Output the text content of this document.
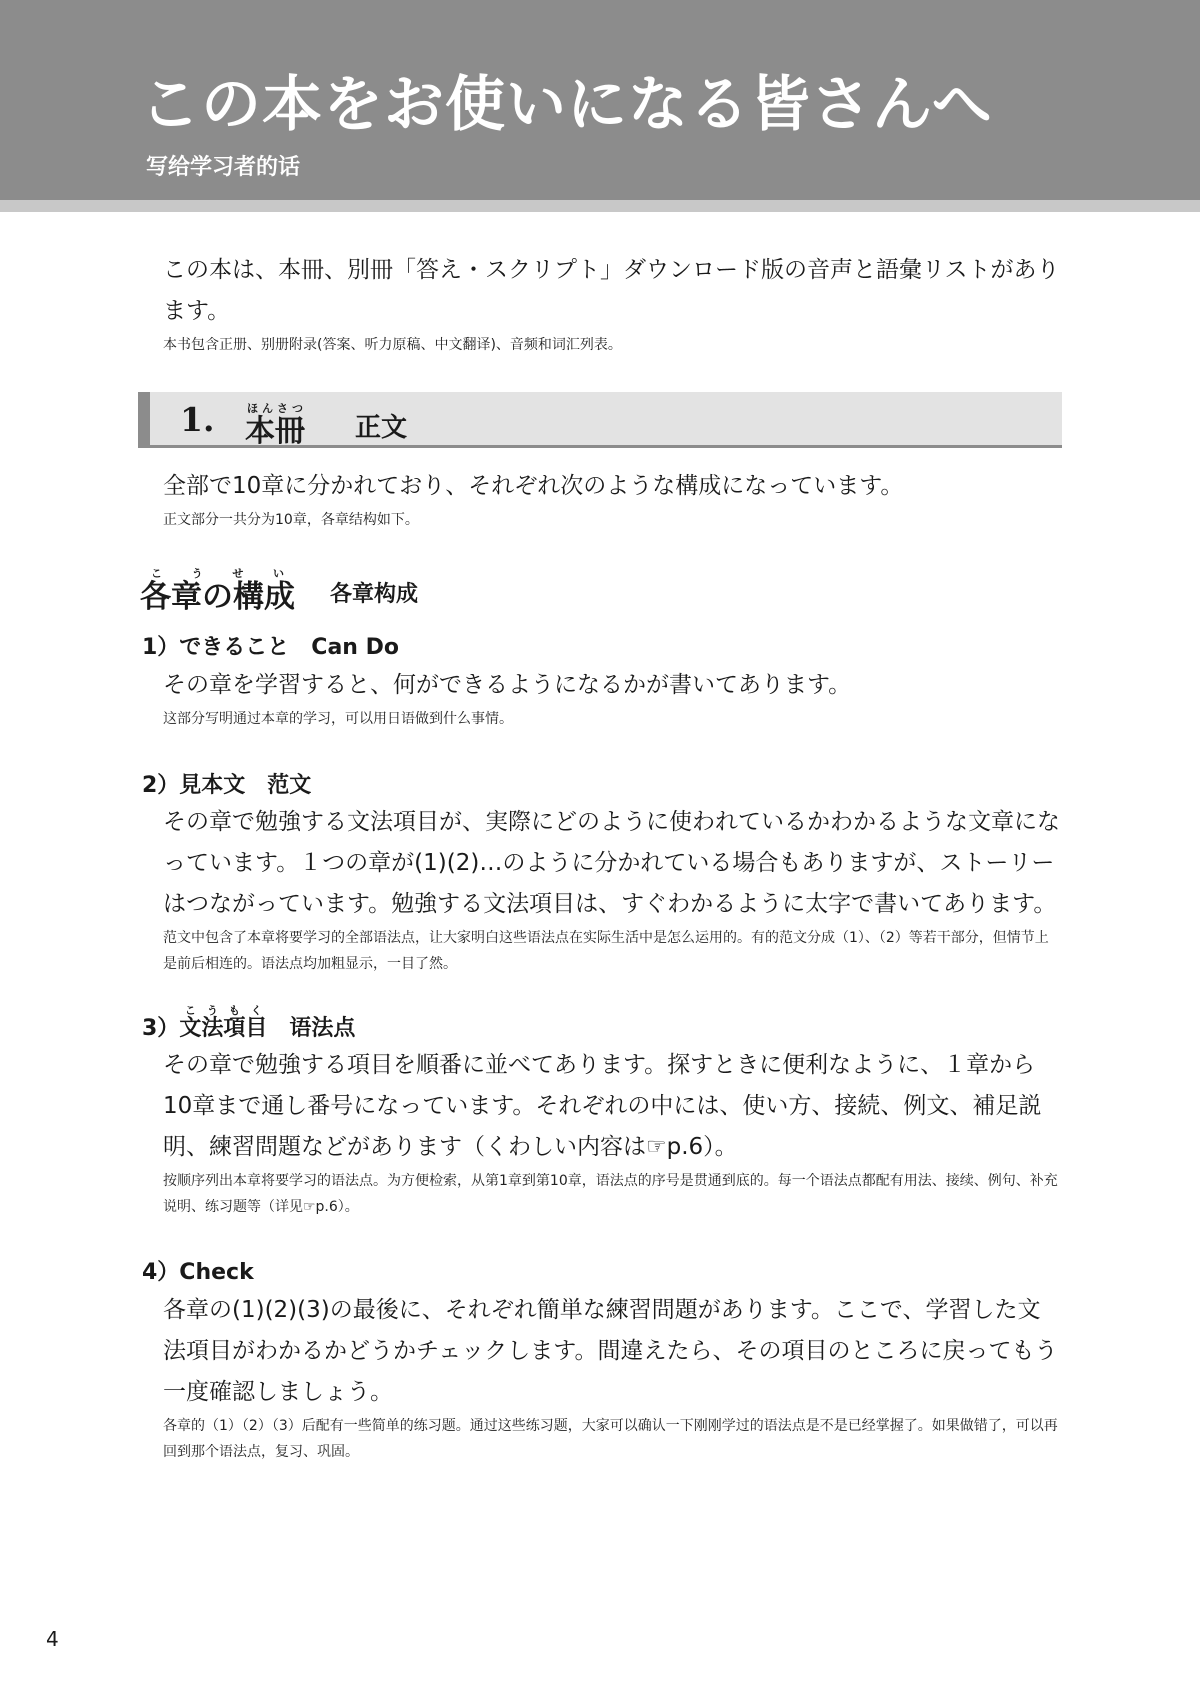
この本をお使いになる皆さんへ
写给学习者的话
この本は、本冊、別冊「答え・スクリプト」ダウンロード版の音声と語彙リストがあります。
本书包含正册、别册附录(答案、听力原稿、中文翻译)、音频和词汇列表。
1. 本冊ほんさつ
正文
全部で10章に分かれており、それぞれ次のような構成になっています。
正文部分一共分为10章，各章结构如下。
各章の構成こうせい
各章构成
1）できること　Can Do
その章を学習すると、何ができるようになるかが書いてあります。
这部分写明通过本章的学习，可以用日语做到什么事情。
2）見本文　范文
その章で勉強する文法項目が、実際にどのように使われているかわかるような文章になっています。１つの章が(1)(2)…のように分かれている場合もありますが、ストーリーはつながっています。勉強する文法項目は、すぐわかるように太字で書いてあります。
范文中包含了本章将要学习的全部语法点，让大家明白这些语法点在实际生活中是怎么运用的。有的范文分成（1）、（2）等若干部分，但情节上是前后相连的。语法点均加粗显示，一目了然。
3）文法項目こうもく　语法点
その章で勉強する項目を順番に並べてあります。探すときに便利なように、１章から10章まで通し番号になっています。それぞれの中には、使い方、接続、例文、補足説明、練習問題などがあります（くわしい内容は☞p.6）。
按顺序列出本章将要学习的语法点。为方便检索，从第1章到第10章，语法点的序号是贯通到底的。每一个语法点都配有用法、接续、例句、补充说明、练习题等（详见☞p.6）。
4）Check
各章の(1)(2)(3)の最後に、それぞれ簡単な練習問題があります。ここで、学習した文法項目がわかるかどうかチェックします。間違えたら、その項目のところに戻ってもう一度確認しましょう。
各章的（1）（2）（3）后配有一些简单的练习题。通过这些练习题，大家可以确认一下刚刚学过的语法点是不是已经掌握了。如果做错了，可以再回到那个语法点，复习、巩固。
4
